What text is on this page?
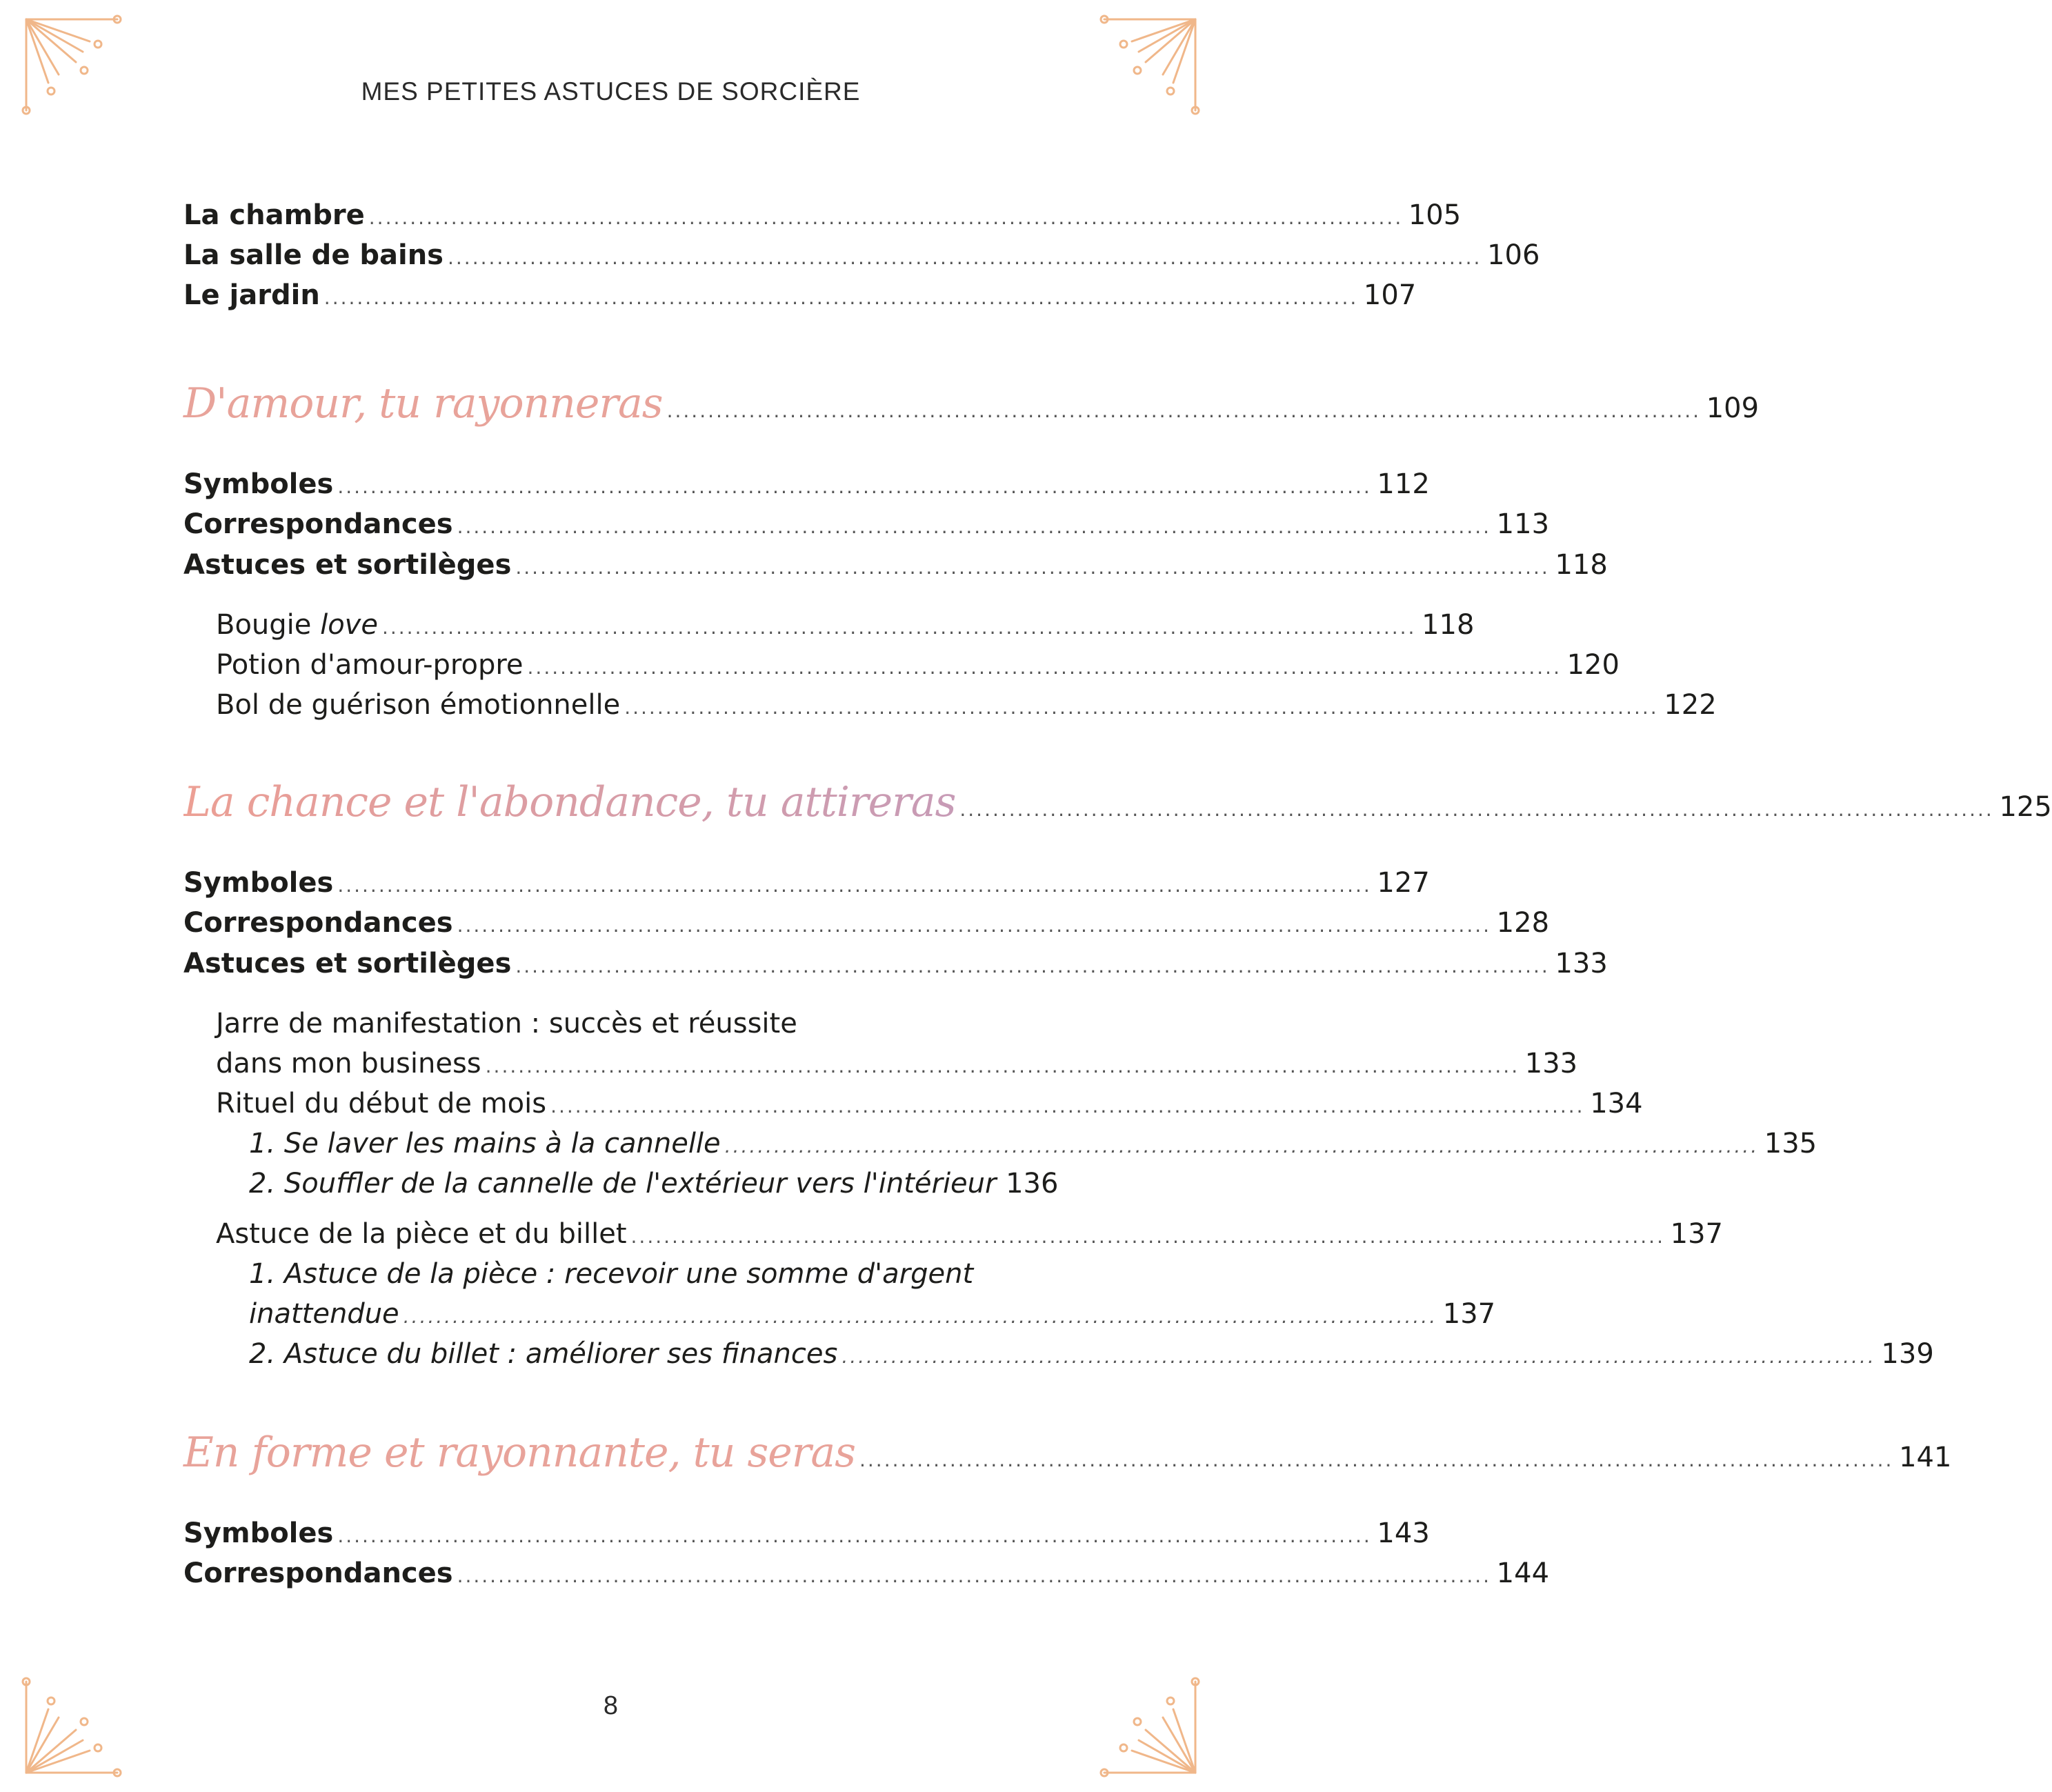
MES PETITES ASTUCES DE SORCIÈRE
La chambre .............................................................................................................................. 105
La salle de bains .............................................................................................................................. 106
Le jardin .............................................................................................................................. 107
D'amour, tu rayonneras .............................................................................................................................. 109
Symboles .............................................................................................................................. 112
Correspondances .............................................................................................................................. 113
Astuces et sortilèges .............................................................................................................................. 118
Bougie love .............................................................................................................................. 118
Potion d'amour-propre .............................................................................................................................. 120
Bol de guérison émotionnelle .............................................................................................................................. 122
La chance et l'abondance, tu attireras .............................................................................................................................. 125
Symboles .............................................................................................................................. 127
Correspondances .............................................................................................................................. 128
Astuces et sortilèges .............................................................................................................................. 133
Jarre de manifestation : succès et réussite
dans mon business .............................................................................................................................. 133
Rituel du début de mois .............................................................................................................................. 134
1. Se laver les mains à la cannelle .............................................................................................................................. 135
2. Souffler de la cannelle de l'extérieur vers l'intérieur 136
Astuce de la pièce et du billet .............................................................................................................................. 137
1. Astuce de la pièce : recevoir une somme d'argent
inattendue .............................................................................................................................. 137
2. Astuce du billet : améliorer ses finances .............................................................................................................................. 139
En forme et rayonnante, tu seras .............................................................................................................................. 141
Symboles .............................................................................................................................. 143
Correspondances .............................................................................................................................. 144
8
